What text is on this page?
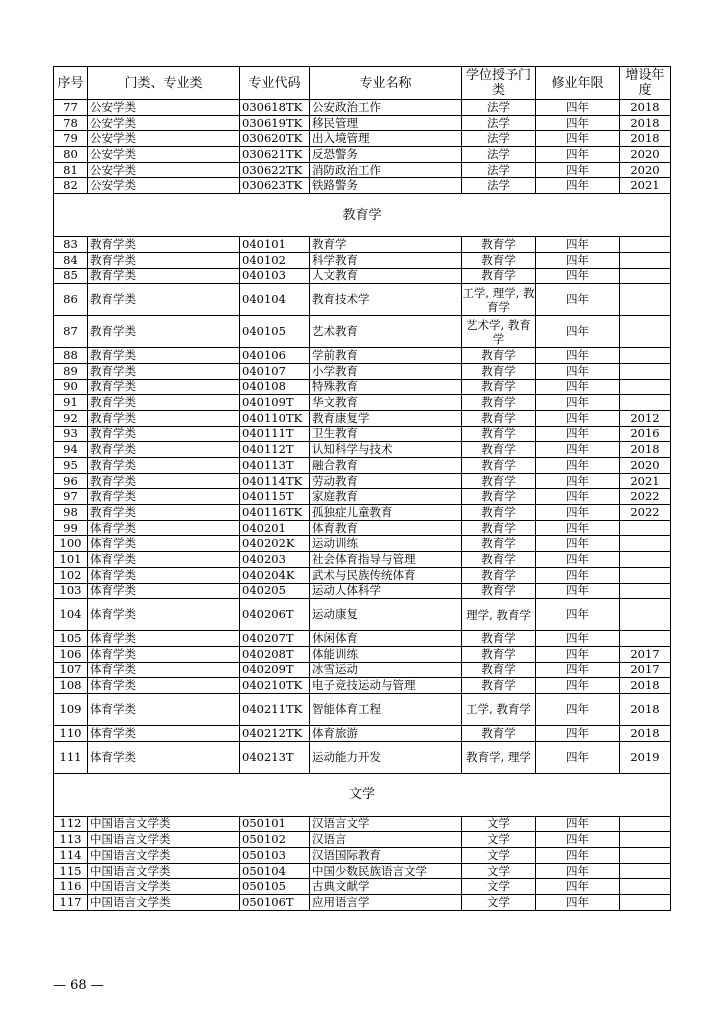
序号	门类、专业类	专业代码	专业名称	学位授予门类	修业年限	增设年度
77	公安学类	030618TK	公安政治工作	法学	四年	2018
78	公安学类	030619TK	移民管理	法学	四年	2018
79	公安学类	030620TK	出入境管理	法学	四年	2018
80	公安学类	030621TK	反恐警务	法学	四年	2020
81	公安学类	030622TK	消防政治工作	法学	四年	2020
82	公安学类	030623TK	铁路警务	法学	四年	2021
教育学						
83	教育学类	040101	教育学	教育学	四年	
84	教育学类	040102	科学教育	教育学	四年	
85	教育学类	040103	人文教育	教育学	四年	
86	教育学类	040104	教育技术学	工学, 理学, 教育学	四年	
87	教育学类	040105	艺术教育	艺术学, 教育学	四年	
88	教育学类	040106	学前教育	教育学	四年	
89	教育学类	040107	小学教育	教育学	四年	
90	教育学类	040108	特殊教育	教育学	四年	
91	教育学类	040109T	华文教育	教育学	四年	
92	教育学类	040110TK	教育康复学	教育学	四年	2012
93	教育学类	040111T	卫生教育	教育学	四年	2016
94	教育学类	040112T	认知科学与技术	教育学	四年	2018
95	教育学类	040113T	融合教育	教育学	四年	2020
96	教育学类	040114TK	劳动教育	教育学	四年	2021
97	教育学类	040115T	家庭教育	教育学	四年	2022
98	教育学类	040116TK	孤独症儿童教育	教育学	四年	2022
99	体育学类	040201	体育教育	教育学	四年	
100	体育学类	040202K	运动训练	教育学	四年	
101	体育学类	040203	社会体育指导与管理	教育学	四年	
102	体育学类	040204K	武术与民族传统体育	教育学	四年	
103	体育学类	040205	运动人体科学	教育学	四年	
104	体育学类	040206T	运动康复	理学, 教育学	四年	
105	体育学类	040207T	休闲体育	教育学	四年	
106	体育学类	040208T	体能训练	教育学	四年	2017
107	体育学类	040209T	冰雪运动	教育学	四年	2017
108	体育学类	040210TK	电子竞技运动与管理	教育学	四年	2018
109	体育学类	040211TK	智能体育工程	工学, 教育学	四年	2018
110	体育学类	040212TK	体育旅游	教育学	四年	2018
111	体育学类	040213T	运动能力开发	教育学, 理学	四年	2019
文学						
112	中国语言文学类	050101	汉语言文学	文学	四年	
113	中国语言文学类	050102	汉语言	文学	四年	
114	中国语言文学类	050103	汉语国际教育	文学	四年	
115	中国语言文学类	050104	中国少数民族语言文学	文学	四年	
116	中国语言文学类	050105	古典文献学	文学	四年	
117	中国语言文学类	050106T	应用语言学	文学	四年	
— 68 —
